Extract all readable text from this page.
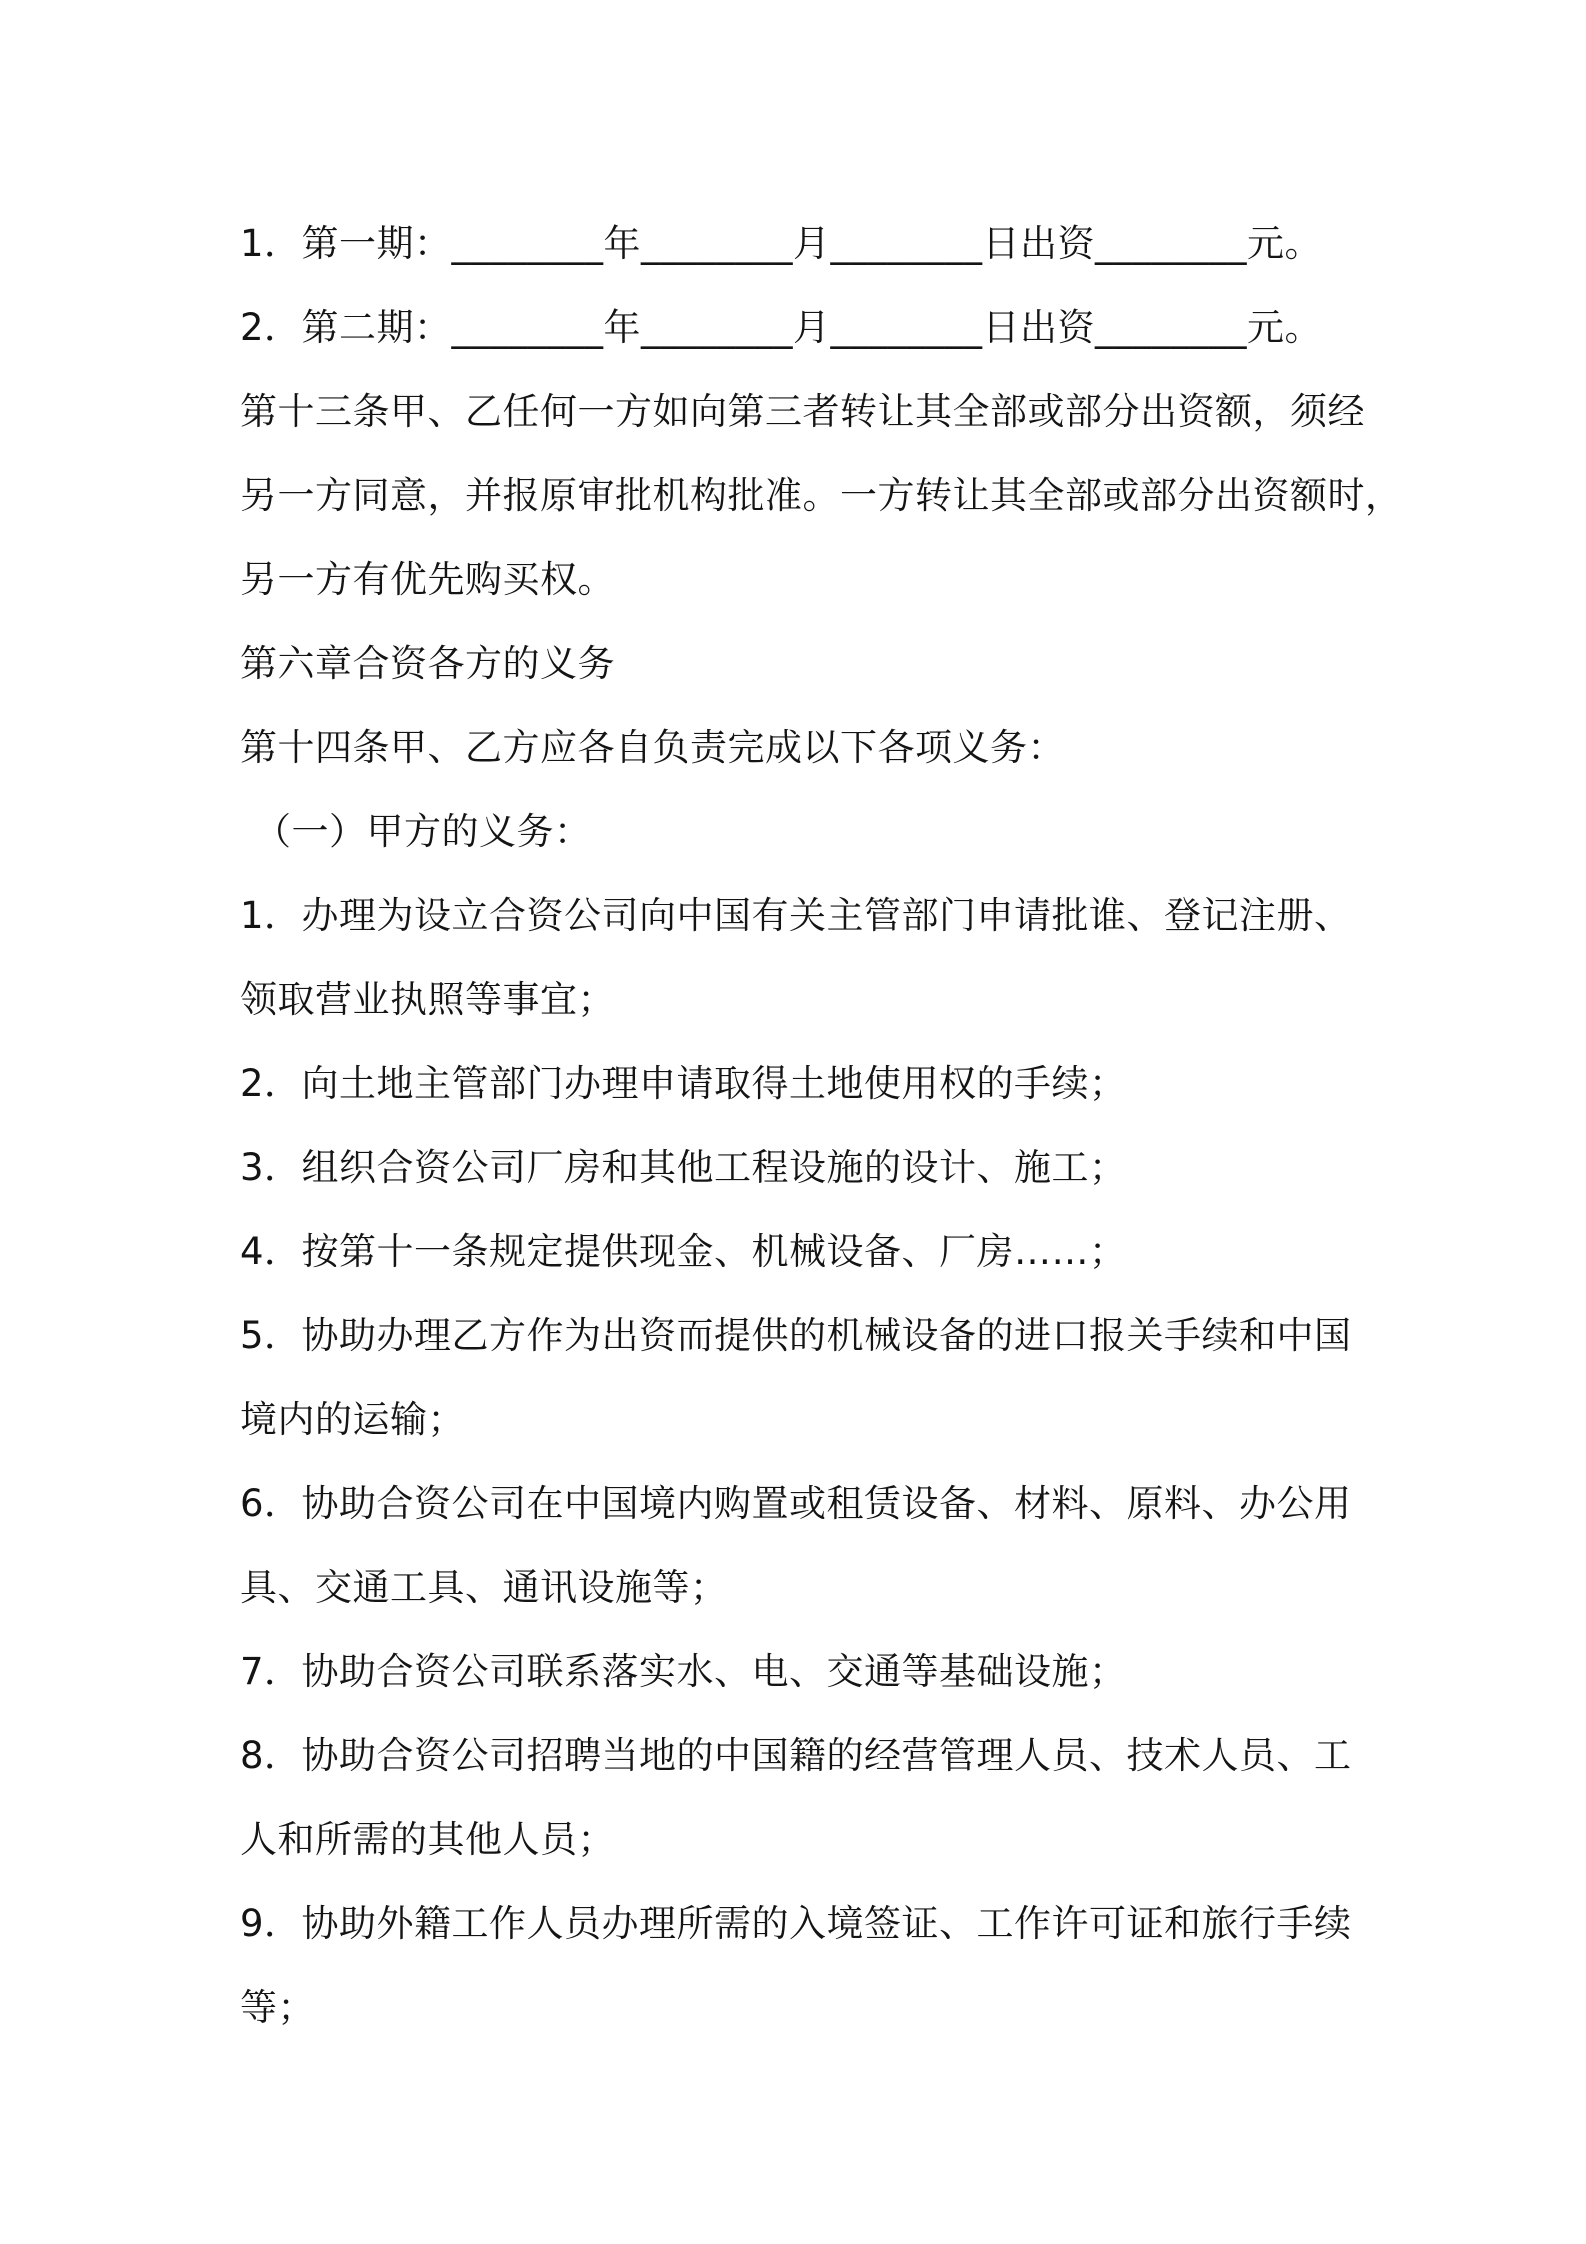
1．第一期：________年________月________日出资________元。
2．第二期：________年________月________日出资________元。
第十三条甲、乙任何一方如向第三者转让其全部或部分出资额，须经
另一方同意，并报原审批机构批准。一方转让其全部或部分出资额时，
另一方有优先购买权。
第六章合资各方的义务
第十四条甲、乙方应各自负责完成以下各项义务：
（一）甲方的义务：
1．办理为设立合资公司向中国有关主管部门申请批谁、登记注册、
领取营业执照等事宜；
2．向土地主管部门办理申请取得土地使用权的手续；
3．组织合资公司厂房和其他工程设施的设计、施工；
4．按第十一条规定提供现金、机械设备、厂房……；
5．协助办理乙方作为出资而提供的机械设备的进口报关手续和中国
境内的运输；
6．协助合资公司在中国境内购置或租赁设备、材料、原料、办公用
具、交通工具、通讯设施等；
7．协助合资公司联系落实水、电、交通等基础设施；
8．协助合资公司招聘当地的中国籍的经营管理人员、技术人员、工
人和所需的其他人员；
9．协助外籍工作人员办理所需的入境签证、工作许可证和旅行手续
等；
